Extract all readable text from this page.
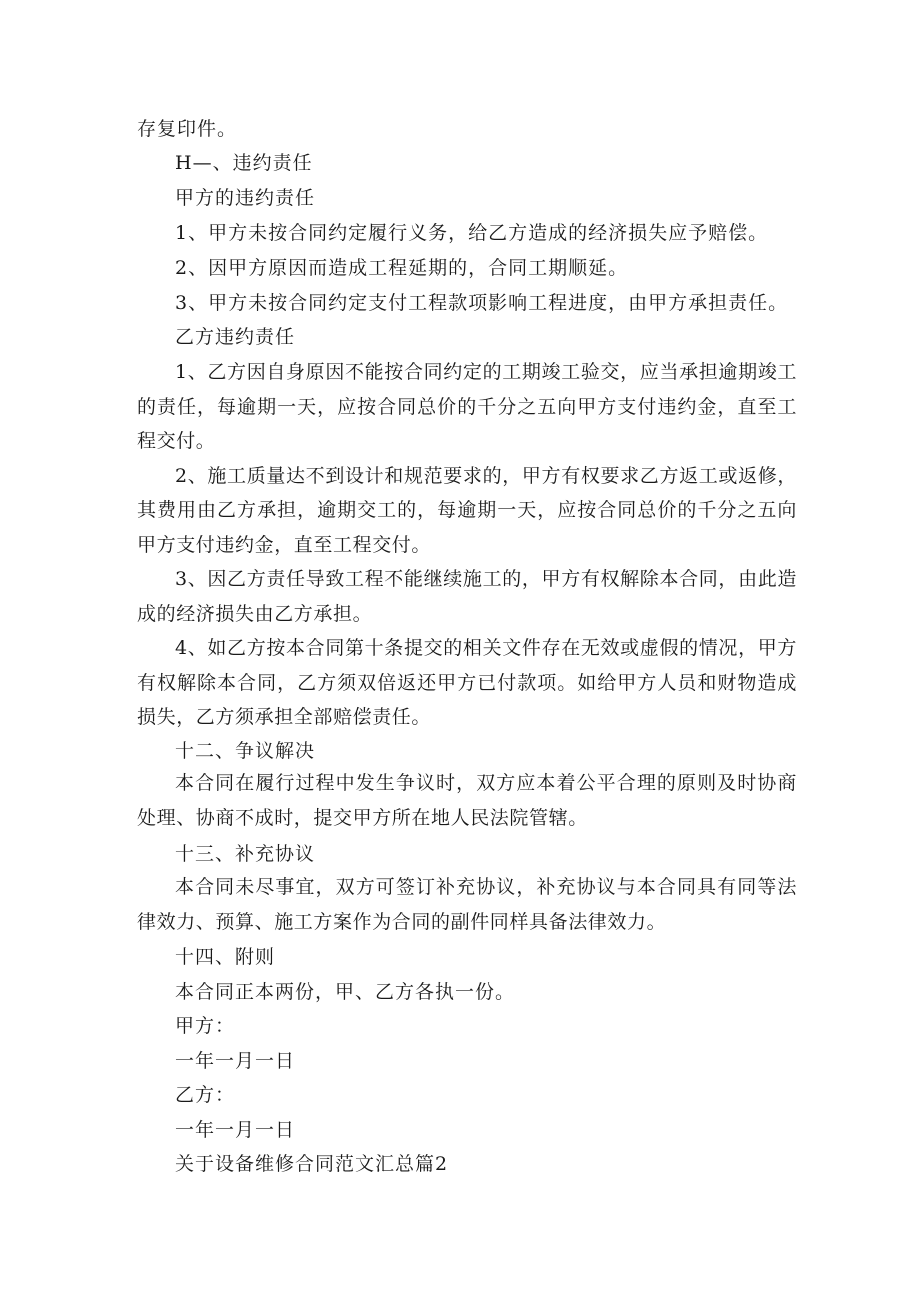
存复印件。
H—、违约责任
甲方的违约责任
1、甲方未按合同约定履行义务，给乙方造成的经济损失应予赔偿。
2、因甲方原因而造成工程延期的，合同工期顺延。
3、甲方未按合同约定支付工程款项影响工程进度，由甲方承担责任。
乙方违约责任

1、乙方因自身原因不能按合同约定的工期竣工验交，应当承担逾期竣工的责任，每逾期一天，应按合同总价的千分之五向甲方支付违约金，直至工程交付。

2、施工质量达不到设计和规范要求的，甲方有权要求乙方返工或返修，其费用由乙方承担，逾期交工的，每逾期一天，应按合同总价的千分之五向甲方支付违约金，直至工程交付。

3、因乙方责任导致工程不能继续施工的，甲方有权解除本合同，由此造成的经济损失由乙方承担。

4、如乙方按本合同第十条提交的相关文件存在无效或虚假的情况，甲方有权解除本合同，乙方须双倍返还甲方已付款项。如给甲方人员和财物造成损失，乙方须承担全部赔偿责任。

十二、争议解决

本合同在履行过程中发生争议时，双方应本着公平合理的原则及时协商处理、协商不成时，提交甲方所在地人民法院管辖。

十三、补充协议

本合同未尽事宜，双方可签订补充协议，补充协议与本合同具有同等法律效力、预算、施工方案作为合同的副件同样具备法律效力。

十四、附则
本合同正本两份，甲、乙方各执一份。
甲方：
一年一月一日
乙方：
一年一月一日
关于设备维修合同范文汇总篇2
